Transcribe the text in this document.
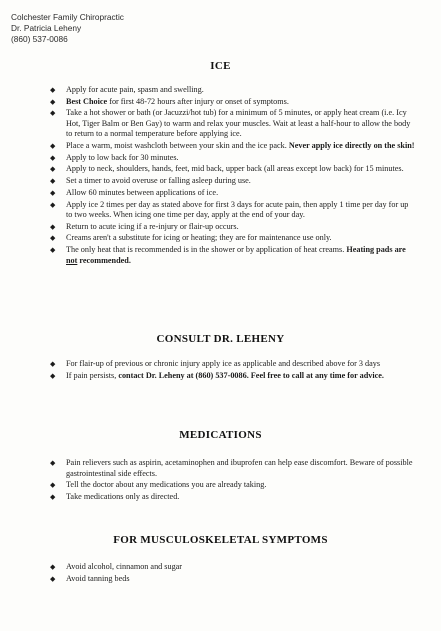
Colchester Family Chiropractic
Dr. Patricia Leheny
(860) 537-0086
ICE
◆ Apply for acute pain, spasm and swelling.
◆ Best Choice for first 48-72 hours after injury or onset of symptoms.
◆ Take a hot shower or bath (or Jacuzzi/hot tub) for a minimum of 5 minutes, or apply heat cream (i.e. Icy Hot, Tiger Balm or Ben Gay) to warm and relax your muscles. Wait at least a half-hour to allow the body to return to a normal temperature before applying ice.
◆ Place a warm, moist washcloth between your skin and the ice pack. Never apply ice directly on the skin!
◆ Apply to low back for 30 minutes.
◆ Apply to neck, shoulders, hands, feet, mid back, upper back (all areas except low back) for 15 minutes.
◆ Set a timer to avoid overuse or falling asleep during use.
◆ Allow 60 minutes between applications of ice.
◆ Apply ice 2 times per day as stated above for first 3 days for acute pain, then apply 1 time per day for up to two weeks. When icing one time per day, apply at the end of your day.
◆ Return to acute icing if a re-injury or flair-up occurs.
◆ Creams aren't a substitute for icing or heating; they are for maintenance use only.
◆ The only heat that is recommended is in the shower or by application of heat creams. Heating pads are not recommended.
CONSULT DR. LEHENY
◆ For flair-up of previous or chronic injury apply ice as applicable and described above for 3 days
◆ If pain persists, contact Dr. Leheny at (860) 537-0086. Feel free to call at any time for advice.
MEDICATIONS
◆ Pain relievers such as aspirin, acetaminophen and ibuprofen can help ease discomfort. Beware of possible gastrointestinal side effects.
◆ Tell the doctor about any medications you are already taking.
◆ Take medications only as directed.
FOR MUSCULOSKELETAL SYMPTOMS
◆ Avoid alcohol, cinnamon and sugar
◆ Avoid tanning beds
